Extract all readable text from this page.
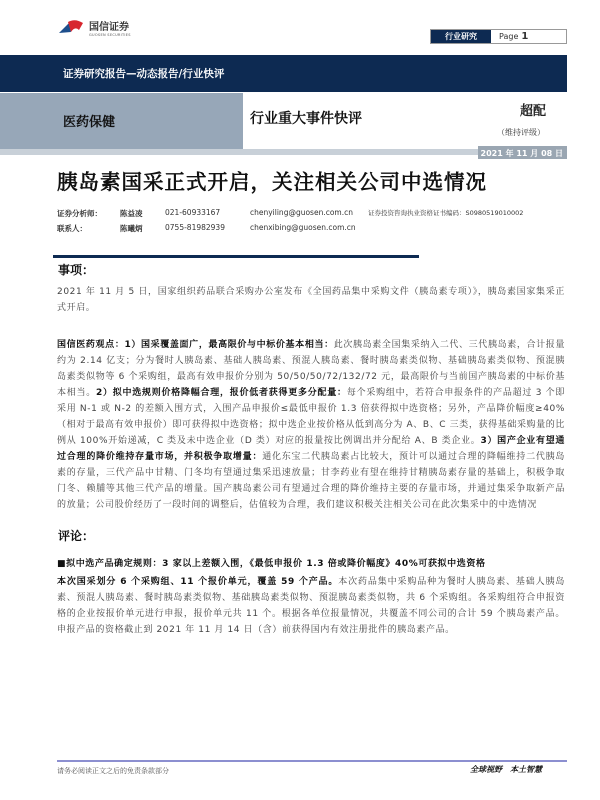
国信证券
GUOSEN SECURITIES	行业研究	Page 1
证券研究报告—动态报告/行业快评
医药保健	行业重大事件快评	超配
（维持评级）
2021 年 11 月 08 日
胰岛素国采正式开启，关注相关公司中选情况
证券分析师：	陈益凌	021-60933167	chenyiling@guosen.com.cn	证券投资咨询执业资格证书编码：S0980519010002
联系人：	陈曦炳	0755-81982939	chenxibing@guosen.com.cn
事项：
2021 年 11 月 5 日，国家组织药品联合采购办公室发布《全国药品集中采购文件（胰岛素专项）》，胰岛素国家集采正式开启。
国信医药观点：1）国采覆盖面广，最高限价与中标价基本相当：此次胰岛素全国集采纳入二代、三代胰岛素，合计报量约为 2.14 亿支；分为餐时人胰岛素、基础人胰岛素、预混人胰岛素、餐时胰岛素类似物、基础胰岛素类似物、预混胰岛素类似物等 6 个采购组，最高有效申报价分别为 50/50/50/72/132/72 元，最高限价与当前国产胰岛素的中标价基本相当。2）拟中选规则价格降幅合理，报价低者获得更多分配量：每个采购组中，若符合申报条件的产品超过 3 个即采用 N-1 或 N-2 的差额入围方式，入围产品申报价≤最低申报价 1.3 倍获得拟中选资格；另外，产品降价幅度≥40%（相对于最高有效申报价）即可获得拟中选资格；拟中选企业按价格从低到高分为 A、B、C 三类，获得基础采购量的比例从 100%开始递减，C 类及未中选企业（D 类）对应的报量按比例调出并分配给 A、B 类企业。3）国产企业有望通过合理的降价维持存量市场，并积极争取增量：通化东宝二代胰岛素占比较大，预计可以通过合理的降幅维持二代胰岛素的存量，三代产品中甘精、门冬均有望通过集采迅速放量；甘李药业有望在维持甘精胰岛素存量的基础上，积极争取门冬、赖脯等其他三代产品的增量。国产胰岛素公司有望通过合理的降价维持主要的存量市场，并通过集采争取新产品的放量；公司股价经历了一段时间的调整后，估值较为合理，我们建议积极关注相关公司在此次集采中的中选情况
评论：
■拟中选产品确定规则：3 家以上差额入围，《最低申报价 1.3 倍或降价幅度》40%可获拟中选资格
本次国采划分 6 个采购组、11 个报价单元，覆盖 59 个产品。本次药品集中采购品种为餐时人胰岛素、基础人胰岛素、预混人胰岛素、餐时胰岛素类似物、基础胰岛素类似物、预混胰岛素类似物，共 6 个采购组。各采购组符合申报资格的企业按报价单元进行申报，报价单元共 11 个。根据各单位报量情况，共覆盖不同公司的合计 59 个胰岛素产品。申报产品的资格截止到 2021 年 11 月 14 日（含）前获得国内有效注册批件的胰岛素产品。
请务必阅读正文之后的免责条款部分	全球视野　本土智慧
